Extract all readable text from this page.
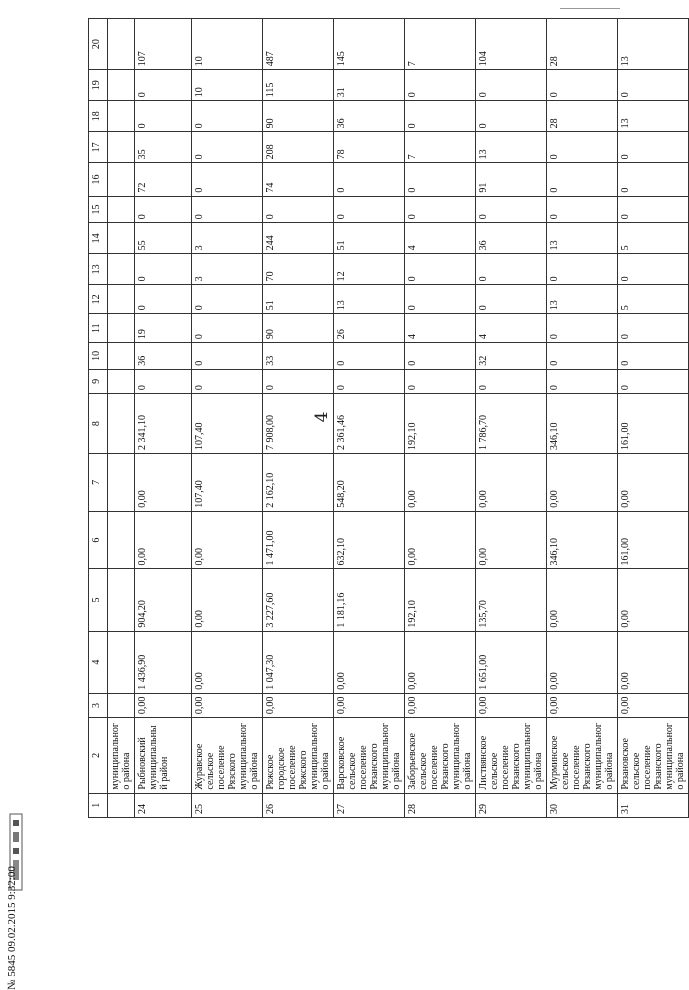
4
1	2	3	4	5	6	7	8	9	10	11	12	13	14	15	16	17	18	19	20
	муниципального района																		
24	Рыбновский муниципальный район	0,00	1 436,90	904,20	0,00	0,00	2 341,10	0	36	19	0	0	55	0	72	35	0	0	107
25	Журавское сельское поселение Рязского муниципального района	0,00	0,00	0,00	0,00	107,40	107,40	0	0	0	0	3	3	0	0	0	0	10	10
26	Ряжское городское поселение Ряжского муниципального района	0,00	1 047,30	3 227,60	1 471,00	2 162,10	7 908,00	0	33	90	51	70	244	0	74	208	90	115	487
27	Варсковское сельское поселение Рязанского муниципального района	0,00	0,00	1 181,16	632,10	548,20	2 361,46	0	0	26	13	12	51	0	0	78	36	31	145
28	Заборьевское сельское поселение Рязанского муниципального района	0,00	0,00	192,10	0,00	0,00	192,10	0	0	4	0	0	4	0	0	7	0	0	7
29	Листвянское сельское поселение Рязанского муниципального района	0,00	1 651,00	135,70	0,00	0,00	1 786,70	0	32	4	0	0	36	0	91	13	0	0	104
30	Мурминское сельское поселение Рязанского муниципального района	0,00	0,00	0,00	346,10	0,00	346,10	0	0	0	13	0	13	0	0	0	28	0	28
31	Рязановское сельское поселение Рязанского муниципального района	0,00	0,00	0,00	161,00	0,00	161,00	0	0	0	5	0	5	0	0	0	13	0	13
№ 5845 09.02.2015 9:32:00
